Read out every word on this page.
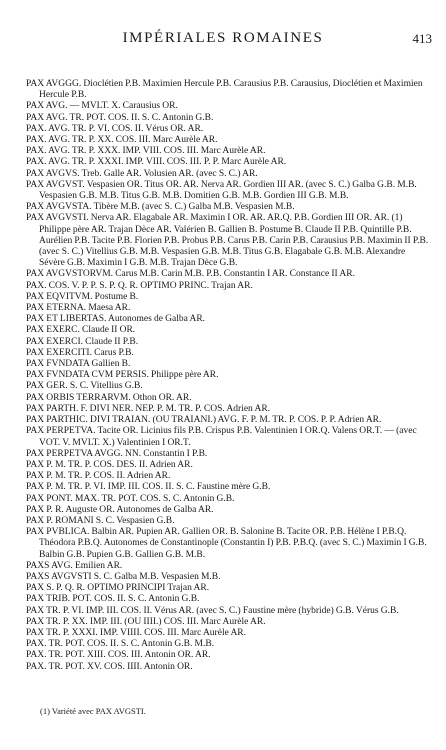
IMPÉRIALES ROMAINES	413

PAX AVGGG. Dioclétien P.B. Maximien Hercule P.B. Carausius P.B. Carausius, Dioclétien et Maximien Hercule P.B.

PAX AVG. — MVLT. X. Carausius OR.

PAX AVG. TR. POT. COS. II. S. C. Antonin G.B.

PAX. AVG. TR. P. VI. COS. II. Vérus OR. AR.

PAX. AVG. TR. P. XX. COS. III. Marc Aurèle AR.

PAX. AVG. TR. P. XXX. IMP. VIII. COS. III. Marc Aurèle AR.

PAX. AVG. TR. P. XXXI. IMP. VIII. COS. III. P. P. Marc Aurèle AR.

PAX AVGVS. Treb. Galle AR. Volusien AR. (avec S. C.) AR.

PAX AVGVST. Vespasien OR. Titus OR. AR. Nerva AR. Gordien III AR. (avec S. C.) Galba G.B. M.B. Vespasien G.B. M.B. Titus G.B. M.B. Domitien G.B. M.B. Gordien III G.B. M.B.

PAX AVGVSTA. Tibère M.B. (avec S. C.) Galba M.B. Vespasien M.B.

PAX AVGVSTI. Nerva AR. Elagabale AR. Maximin I OR. AR. AR.Q. P.B. Gordien III OR. AR. (1) Philippe père AR. Trajan Dèce AR. Valérien B. Gallien B. Postume B. Claude II P.B. Quintille P.B. Aurélien P.B. Tacite P.B. Florien P.B. Probus P.B. Carus P.B. Carin P.B. Carausius P.B. Maximin II P.B. (avec S. C.) Vitellius G.B. M.B. Vespasien G.B. M.B. Titus G.B. Elagabale G.B. M.B. Alexandre Sévère G.B. Maximin I G.B. M.B. Trajan Dèce G.B.

PAX AVGVSTORVM. Carus M.B. Carin M.B. P.B. Constantin I AR. Constance II AR.

PAX. COS. V. P. P. S. P. Q. R. OPTIMO PRINC. Trajan AR.

PAX EQVITVM. Postume B.

PAX ETERNA. Maesa AR.

PAX ET LIBERTAS. Autonomes de Galba AR.

PAX EXERC. Claude II OR.

PAX EXERCI. Claude II P.B.

PAX EXERCITI. Carus P.B.

PAX FVNDATA Gallien B.

PAX FVNDATA CVM PERSIS. Philippe père AR.

PAX GER. S. C. Vitellius G.B.

PAX ORBIS TERRARVM. Othon OR. AR.

PAX PARTH. F. DIVI NER. NEP. P. M. TR. P. COS. Adrien AR.

PAX PARTHIC. DIVI TRAIAN. (OU TRAIANI.) AVG. F. P. M. TR. P. COS. P. P. Adrien AR.

PAX PERPETVA. Tacite OR. Licinius fils P.B. Crispus P.B. Valentinien I OR.Q. Valens OR.T. — (avec VOT. V. MVLT. X.) Valentinien I OR.T.

PAX PERPETVA AVGG. NN. Constantin I P.B.

PAX P. M. TR. P. COS. DES. II. Adrien AR.

PAX P. M. TR. P. COS. II. Adrien AR.

PAX P. M. TR. P. VI. IMP. III. COS. II. S. C. Faustine mère G.B.

PAX PONT. MAX. TR. POT. COS. S. C. Antonin G.B.

PAX P. R. Auguste OR. Autonomes de Galba AR.

PAX P. ROMANI S. C. Vespasien G.B.

PAX PVBLICA. Balbin AR. Pupien AR. Gallien OR. B. Salonine B. Tacite OR. P.B. Hélène I P.B.Q. Théodora P.B.Q. Autonomes de Constantinople (Constantin I) P.B. P.B.Q. (avec S. C.) Maximin I G.B. Balbin G.B. Pupien G.B. Gallien G.B. M.B.

PAXS AVG. Emilien AR.

PAXS AVGVSTI S. C. Galba M.B. Vespasien M.B.

PAX S. P. Q. R. OPTIMO PRINCIPI Trajan AR.

PAX TRIB. POT. COS. II. S. C. Antonin G.B.

PAX TR. P. VI. IMP. III. COS. II. Vérus AR. (avec S. C.) Faustine mère (hybride) G.B. Vérus G.B.

PAX TR. P. XX. IMP. III. (OU IIII.) COS. III. Marc Aurèle AR.

PAX TR. P. XXXI. IMP. VIIII. COS. III. Marc Aurèle AR.

PAX. TR. POT. COS. II. S. C. Antonin G.B. M.B.

PAX. TR. POT. XIII. COS. III. Antonin OR. AR.

PAX. TR. POT. XV. COS. IIII. Antonin OR.

(1) Variété avec PAX AVGSTI.
